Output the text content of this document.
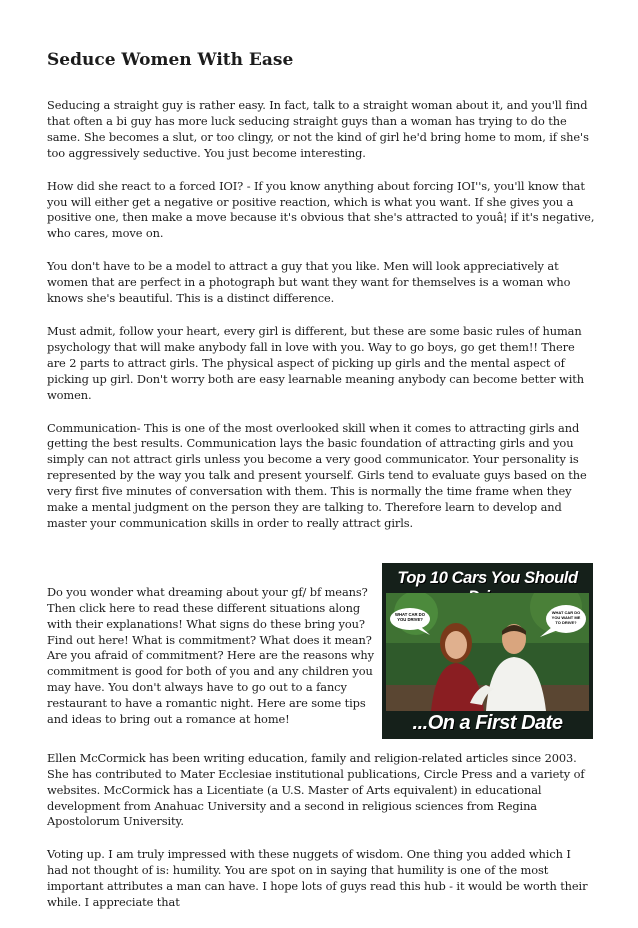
Seduce Women With Ease

Seducing a straight guy is rather easy. In fact, talk to a straight woman about it, and you'll find that often a bi guy has more luck seducing straight guys than a woman has trying to do the same. She becomes a slut, or too clingy, or not the kind of girl he'd bring home to mom, if she's too aggressively seductive. You just become interesting.

How did she react to a forced IOI? - If you know anything about forcing IOI''s, you'll know that you will either get a negative or positive reaction, which is what you want. If she gives you a positive one, then make a move because it's obvious that she's attracted to youâ¦ if it's negative, who cares, move on.

You don't have to be a model to attract a guy that you like. Men will look appreciatively at women that are perfect in a photograph but want they want for themselves is a woman who knows she's beautiful. This is a distinct difference.

Must admit, follow your heart, every girl is different, but these are some basic rules of human psychology that will make anybody fall in love with you. Way to go boys, go get them!! There are 2 parts to attract girls. The physical aspect of picking up girls and the mental aspect of picking up girl. Don't worry both are easy learnable meaning anybody can become better with women.

Communication- This is one of the most overlooked skill when it comes to attracting girls and getting the best results. Communication lays the basic foundation of attracting girls and you simply can not attract girls unless you become a very good communicator. Your personality is represented by the way you talk and present yourself. Girls tend to evaluate guys based on the very first five minutes of conversation with them. This is normally the time frame when they make a mental judgment on the person they are talking to. Therefore learn to develop and master your communication skills in order to really attract girls.

Do you wonder what dreaming about your gf/ bf means? Then click here to read these different situations along with their explanations! What signs do these bring you? Find out here! What is commitment? What does it mean? Are you afraid of commitment? Here are the reasons why commitment is good for both of you and any children you may have. You don't always have to go out to a fancy restaurant to have a romantic night. Here are some tips and ideas to bring out a romance at home!

Top 10 Cars You Should
WHAT CAR DO
YOU DRIVE?
WHAT CAR DO
YOU WANT ME
TO DRIVE?
...On a First Date

Ellen McCormick has been writing education, family and religion-related articles since 2003. She has contributed to Mater Ecclesiae institutional publications, Circle Press and a variety of websites. McCormick has a Licentiate (a U.S. Master of Arts equivalent) in educational development from Anahuac University and a second in religious sciences from Regina Apostolorum University.

Voting up. I am truly impressed with these nuggets of wisdom. One thing you added which I had not thought of is: humility. You are spot on in saying that humility is one of the most important attributes a man can have. I hope lots of guys read this hub - it would be worth their while. I appreciate that
